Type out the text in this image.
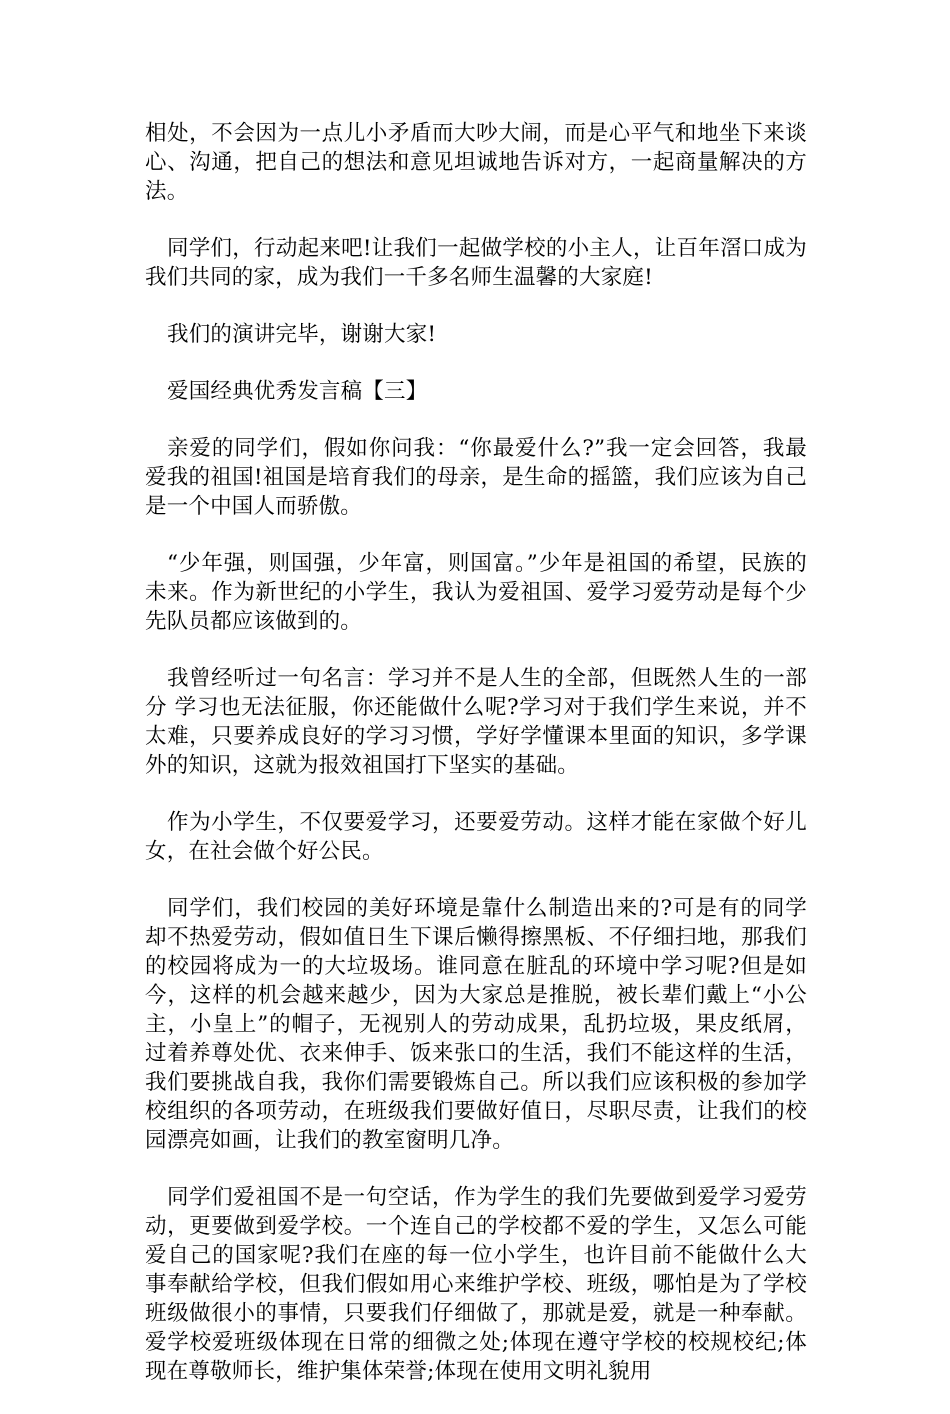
相处，不会因为一点儿小矛盾而大吵大闹，而是心平气和地坐下来谈心、沟通，把自己的想法和意见坦诚地告诉对方，一起商量解决的方法。

同学们，行动起来吧!让我们一起做学校的小主人，让百年滘口成为我们共同的家，成为我们一千多名师生温馨的大家庭!

我们的演讲完毕，谢谢大家!

爱国经典优秀发言稿【三】

亲爱的同学们，假如你问我：“你最爱什么?”我一定会回答，我最爱我的祖国!祖国是培育我们的母亲，是生命的摇篮，我们应该为自己是一个中国人而骄傲。

“少年强，则国强，少年富，则国富。”少年是祖国的希望，民族的未来。作为新世纪的小学生，我认为爱祖国、爱学习爱劳动是每个少先队员都应该做到的。

我曾经听过一句名言：学习并不是人生的全部，但既然人生的一部分 学习也无法征服，你还能做什么呢?学习对于我们学生来说，并不太难，只要养成良好的学习习惯，学好学懂课本里面的知识，多学课外的知识，这就为报效祖国打下坚实的基础。

作为小学生，不仅要爱学习，还要爱劳动。这样才能在家做个好儿女，在社会做个好公民。

同学们，我们校园的美好环境是靠什么制造出来的?可是有的同学却不热爱劳动，假如值日生下课后懒得擦黑板、不仔细扫地，那我们的校园将成为一的大垃圾场。谁同意在脏乱的环境中学习呢?但是如今，这样的机会越来越少，因为大家总是推脱，被长辈们戴上“小公主，小皇上”的帽子，无视别人的劳动成果，乱扔垃圾，果皮纸屑，过着养尊处优、衣来伸手、饭来张口的生活，我们不能这样的生活，我们要挑战自我，我你们需要锻炼自己。所以我们应该积极的参加学校组织的各项劳动，在班级我们要做好值日，尽职尽责，让我们的校园漂亮如画，让我们的教室窗明几净。

同学们爱祖国不是一句空话，作为学生的我们先要做到爱学习爱劳动，更要做到爱学校。一个连自己的学校都不爱的学生，又怎么可能爱自己的国家呢?我们在座的每一位小学生，也许目前不能做什么大事奉献给学校，但我们假如用心来维护学校、班级，哪怕是为了学校班级做很小的事情，只要我们仔细做了，那就是爱，就是一种奉献。 爱学校爱班级体现在日常的细微之处;体现在遵守学校的校规校纪;体现在尊敬师长，维护集体荣誉;体现在使用文明礼貌用
